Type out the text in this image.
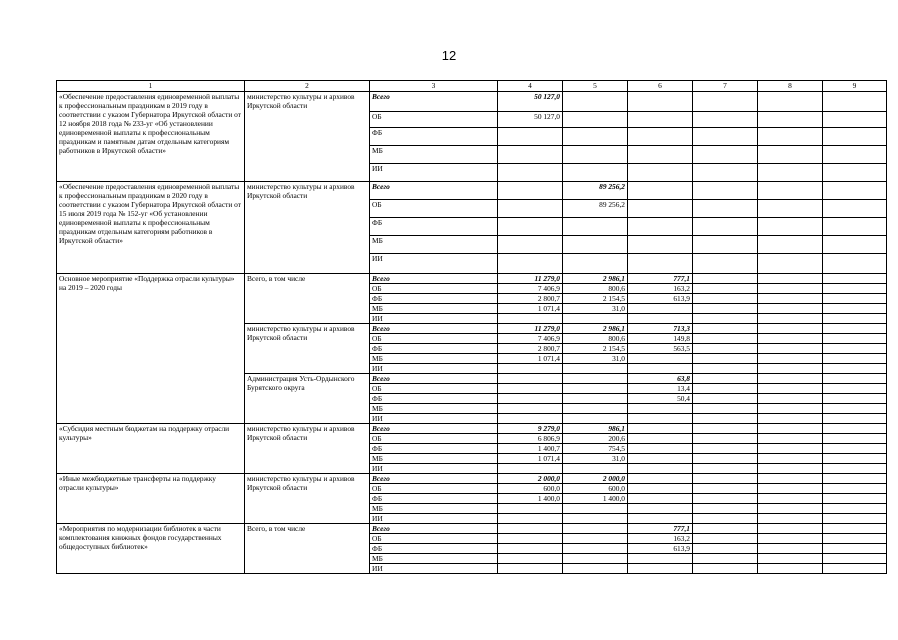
12
1	2	3	4	5	6	7	8	9
«Обеспечение предоставления единовременной выплаты к профессиональным праздникам в 2019 году в соответствии с указом Губернатора Иркутской области от 12 ноября 2018 года № 233-уг «Об установлении единовременной выплаты к профессиональным праздникам и памятным датам отдельным категориям работников в Иркутской области»	министерство культуры и архивов Иркутской области	Всего	50 127,0					
		ОБ	50 127,0					
		ФБ						
		МБ						
		ИИ						
«Обеспечение предоставления единовременной выплаты к профессиональным праздникам в 2020 году в соответствии с указом Губернатора Иркутской области от 15 июля 2019 года № 152-уг «Об установлении единовременной выплаты к профессиональным праздникам отдельным категориям работников в Иркутской области»	министерство культуры и архивов Иркутской области	Всего		89 256,2				
		ОБ		89 256,2				
		ФБ						
		МБ						
		ИИ						
Основное мероприятие «Поддержка отрасли культуры» на 2019 – 2020 годы	Всего, в том числе	Всего	11 279,0	2 986,1	777,1			
		ОБ	7 406,9	800,6	163,2			
		ФБ	2 800,7	2 154,5	613,9			
		МБ	1 071,4	31,0				
		ИИ						
	министерство культуры и архивов Иркутской области	Всего	11 279,0	2 986,1	713,3			
		ОБ	7 406,9	800,6	149,8			
		ФБ	2 800,7	2 154,5	563,5			
		МБ	1 071,4	31,0				
		ИИ						
	Администрация Усть-Ордынского Бурятского округа	Всего			63,8			
		ОБ			13,4			
		ФБ			50,4			
		МБ						
		ИИ						
«Субсидия местным бюджетам на поддержку отрасли культуры»	министерство культуры и архивов Иркутской области	Всего	9 279,0	986,1				
		ОБ	6 806,9	200,6				
		ФБ	1 400,7	754,5				
		МБ	1 071,4	31,0				
		ИИ						
«Иные межбюджетные трансферты на поддержку отрасли культуры»	министерство культуры и архивов Иркутской области	Всего	2 000,0	2 000,0				
		ОБ	600,0	600,0				
		ФБ	1 400,0	1 400,0				
		МБ						
		ИИ						
«Мероприятия по модернизации библиотек в части комплектования книжных фондов государственных общедоступных библиотек»	Всего, в том числе	Всего			777,1			
		ОБ			163,2			
		ФБ			613,9			
		МБ						
		ИИ						
